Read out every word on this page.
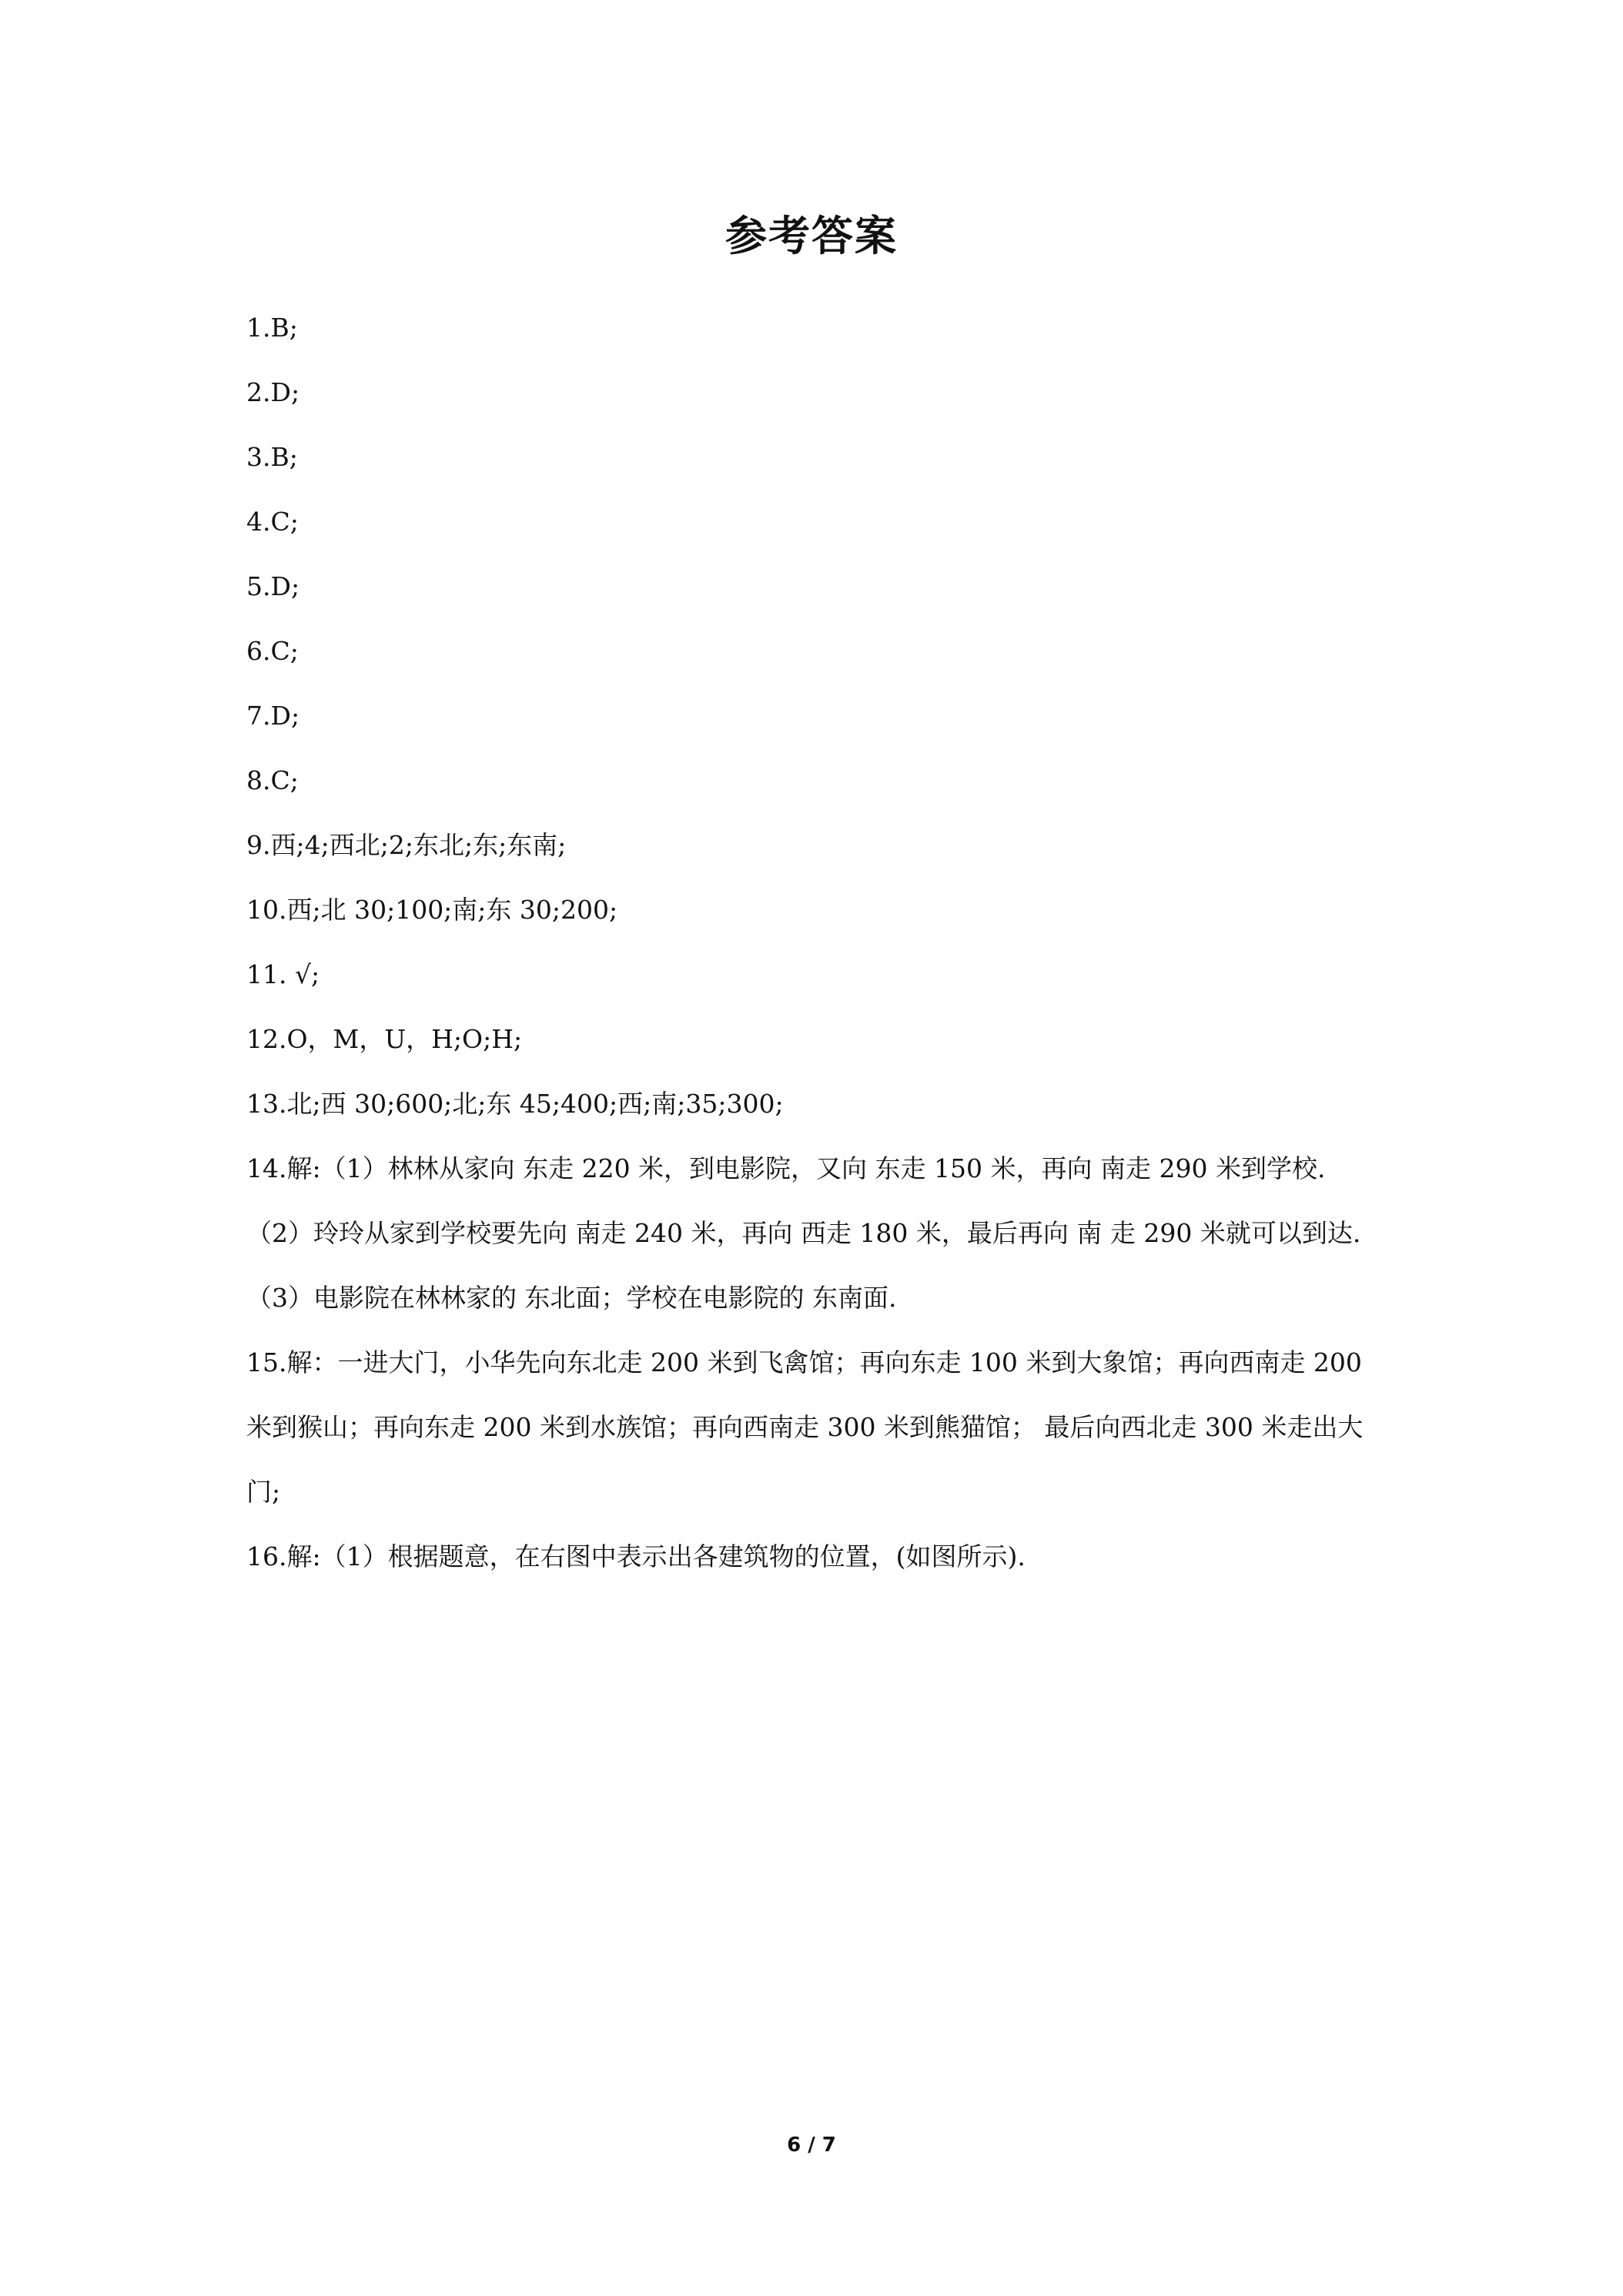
参考答案
1.B;
2.D;
3.B;
4.C;
5.D;
6.C;
7.D;
8.C;
9.西;4;西北;2;东北;东;东南;
10.西;北 30;100;南;东 30;200;
11. √;
12.O，M，U，H;O;H;
13.北;西 30;600;北;东 45;400;西;南;35;300;

14.解:（1）林林从家向 东走 220 米，到电影院，又向 东走 150 米，再向 南走 290 米到学校.

（2）玲玲从家到学校要先向 南走 240 米，再向 西走 180 米，最后再向 南 走 290 米就可以到达.

（3）电影院在林林家的 东北面；学校在电影院的 东南面.

15.解：一进大门，小华先向东北走 200 米到飞禽馆；再向东走 100 米到大象馆；再向西南走 200 米到猴山；再向东走 200 米到水族馆；再向西南走 300 米到熊猫馆； 最后向西北走 300 米走出大门;

16.解:（1）根据题意，在右图中表示出各建筑物的位置，(如图所示).

6 / 7
